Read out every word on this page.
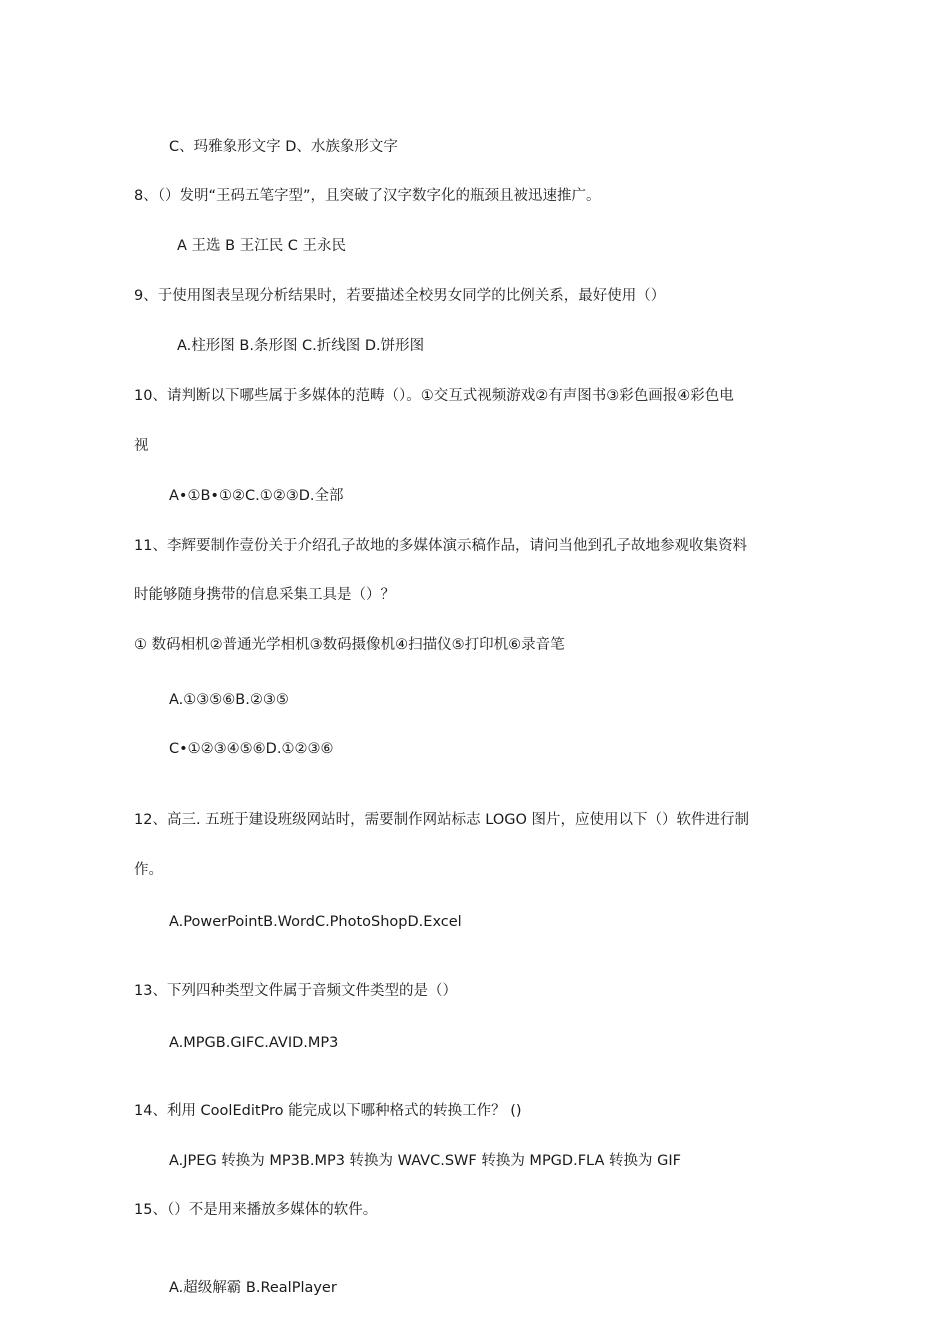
C、玛雅象形文字 D、水族象形文字
8、（）发明“王码五笔字型”，且突破了汉字数字化的瓶颈且被迅速推广。
A 王选 B 王江民 C 王永民
9、于使用图表呈现分析结果时，若要描述全校男女同学的比例关系，最好使用（）
A.柱形图 B.条形图 C.折线图 D.饼形图
10、请判断以下哪些属于多媒体的范畴（）。①交互式视频游戏②有声图书③彩色画报④彩色电
视
A•①B•①②C.①②③D.全部
11、李辉要制作壹份关于介绍孔子故地的多媒体演示稿作品，请问当他到孔子故地参观收集资料
时能够随身携带的信息采集工具是（）？
① 数码相机②普通光学相机③数码摄像机④扫描仪⑤打印机⑥录音笔
A.①③⑤⑥B.②③⑤
C•①②③④⑤⑥D.①②③⑥
12、高三. 五班于建设班级网站时，需要制作网站标志 LOGO 图片，应使用以下（）软件进行制
作。
A.PowerPointB.WordC.PhotoShopD.Excel
13、下列四种类型文件属于音频文件类型的是（）
A.MPGB.GIFC.AVID.MP3
14、利用 CoolEditPro 能完成以下哪种格式的转换工作？ ()
A.JPEG 转换为 MP3B.MP3 转换为 WAVC.SWF 转换为 MPGD.FLA 转换为 GIF
15、（）不是用来播放多媒体的软件。
A.超级解霸 B.RealPlayer
